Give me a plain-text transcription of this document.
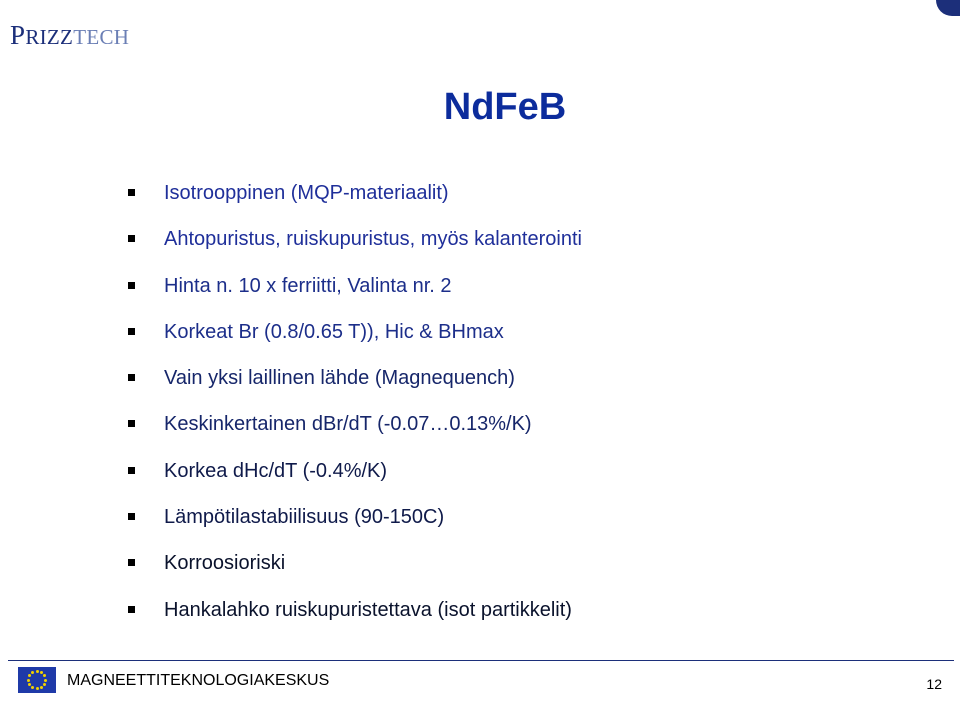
PRIZZTECH
NdFeB
Isotrooppinen (MQP-materiaalit)
Ahtopuristus, ruiskupuristus, myös kalanterointi
Hinta n. 10 x ferriitti, Valinta nr. 2
Korkeat Br (0.8/0.65 T)), Hic & BHmax
Vain yksi laillinen lähde (Magnequench)
Keskinkertainen dBr/dT (-0.07…0.13%/K)
Korkea dHc/dT (-0.4%/K)
Lämpötilastabiilisuus (90-150C)
Korroosioriski
Hankalahko ruiskupuristettava (isot partikkelit)
MAGNEETTITEKNOLOGIAKESKUS	12
